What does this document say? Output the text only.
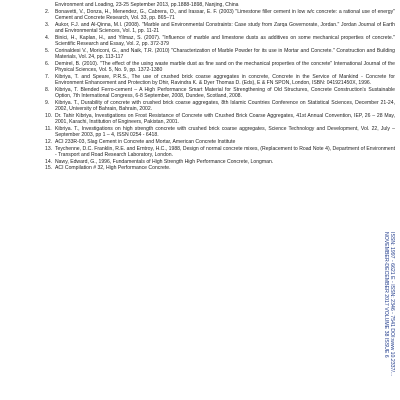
Environment and Loading, 23-25 September 2013, pp.1888-1898, Nanjing, China
2. Bonavetti, V., Donza, H., Menendez, G., Cabrera, O., and Irassar, E. F. (2003) "Limestone filler cement in low w/c concrete: a rational use of energy" Cement and Concrete Research, Vol. 33, pp. 865–71
3. Aukor, F.J. and Al-Qinna, M.I. (2008). "Marble and Environmental Constraints: Case study from Zarqa Governorate, Jordan." Jordan Journal of Earth and Environmental Sciences, Vol. 1, pp. 11-21
4. Binici, H., Kaplan, H., and Yilmaz, S. (2007). "Influence of marble and limestone dusts as additives on some mechanical properties of concrete." Scientific Research and Essay, Vol. 2, pp. 372-379
5. Corinaldesi V., Moriconi, G., and Naik, T.R. (2010) "Characterization of Marble Powder for its use in Mortar and Concrete." Construction and Building Materials, Vol. 24, pp. 113-117
6. Demirel, B. (2010). "The effect of the using waste marble dust as fine sand on the mechanical properties of the concrete" International Journal of the Physical Sciences, Vol. 5, No. 9, pp. 1372-1380
7. Kibriya, T. and Speare, P.R.S., The use of crushed brick coarse aggregates in concrete, Concrete in the Service of Mankind - Concrete for Environment Enhancement and Protection by Dhir, Ravindra K. & Dyer Thomas D. (Eds), E & FN SPON, London, ISBN: 041921450X, 1996.
8. Kibriya, T. Blended Ferro-cement – A High Performance Smart Material for Strengthening of Old Structures, Concrete Construction's Sustainable Option, 7th International Congress, 6-8 September, 2008, Dundee, Scotland, 2008.
9. Kibriya. T., Durability of concrete with crushed brick coarse aggregates, 8th Islamic Countries Conference on Statistical Sciences, December 21-24, 2002, University of Bahrain, Bahrain, 2002.
10. Dr. Tahir Kibriya, Investigations on Frost Resistance of Concrete with Crushed Brick Coarse Aggregates, 41st Annual Convention, IEP, 26 – 28 May, 2001, Karachi, Institution of Engineers, Pakistan, 2001.
11. Kibriya. T., Investigations on high strength concrete with crushed brick coarse aggregates, Science Technology and Development, Vol. 22, July – September 2003, pp 1 – 4, ISSN 0254 - 6418.
12. ACI 233R-03, Slag Cement in Concrete and Mortar, American Concrete Institute
13. Teychenne, D.C. Franklin, R.E. and Erntroy, H.C., 1988, Design of normal concrete mixes, (Replacement to Road Note 4), Department of Environment - Transport and Road Research Laboratory, London.
14. Nawy, Edward, G., 1996, Fundamentals of High Strength High Performance Concrete, Longman.
15. ACI Compilation # 32, High Performance Concrete.
ISSN: 1997 - 6621 E - ISSN: 2346 - 7541 DOI:www 10.2337/...
NOVEMBER-DECEMBER 2017 VOLUME 38 ISSUE 6
